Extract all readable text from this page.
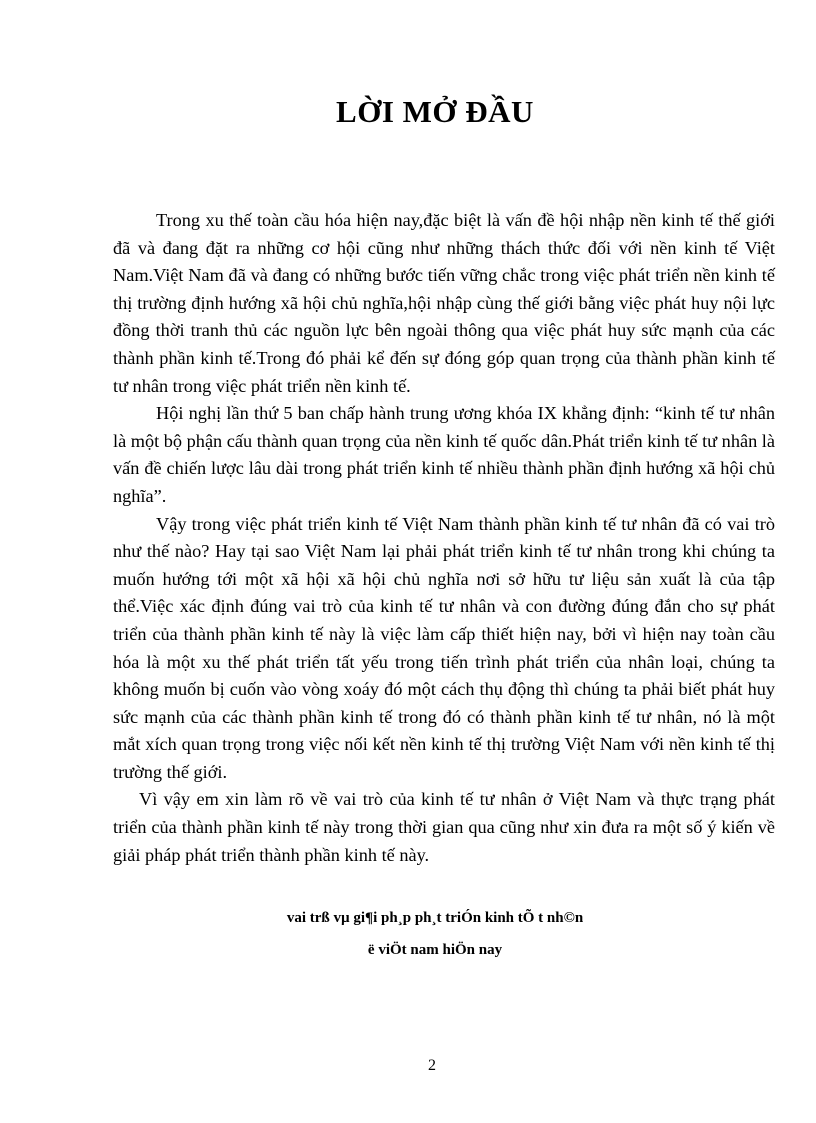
LỜI MỞ ĐẦU

Trong xu thế toàn cầu hóa hiện nay,đặc biệt là vấn đề hội nhập nền kinh tế thế giới đã và đang đặt ra những cơ hội cũng như những thách thức đối với nền kinh tế Việt Nam.Việt Nam đã và đang có những bước tiến vững chắc trong việc phát triển nền kinh tế thị trường định hướng xã hội chủ nghĩa,hội nhập cùng thế giới bằng việc phát huy nội lực đồng thời tranh thủ các nguồn lực bên ngoài thông qua việc phát huy sức mạnh của các thành phần kinh tế.Trong đó phải kể đến sự đóng góp quan trọng của thành phần kinh tế tư nhân trong việc phát triển nền kinh tế.

Hội nghị lần thứ 5 ban chấp hành trung ương khóa IX khẳng định: “kinh tế tư nhân là một bộ phận cấu thành quan trọng của nền kinh tế quốc dân.Phát triển kinh tế tư nhân là vấn đề chiến lược lâu dài trong phát triển kinh tế nhiều thành phần định hướng xã hội chủ nghĩa”.

Vậy trong việc phát triển kinh tế Việt Nam thành phần kinh tế tư nhân đã có vai trò như thế nào? Hay tại sao Việt Nam lại phải phát triển kinh tế tư nhân trong khi chúng ta muốn hướng tới một xã hội xã hội chủ nghĩa nơi sở hữu tư liệu sản xuất là của tập thể.Việc xác định đúng vai trò của kinh tế tư nhân và con đường đúng đắn cho sự phát triển của thành phần kinh tế này là việc làm cấp thiết hiện nay, bởi vì hiện nay toàn cầu hóa là một xu thế phát triển tất yếu trong tiến trình phát triển của nhân loại, chúng ta không muốn bị cuốn vào vòng xoáy đó một cách thụ động thì chúng ta phải biết phát huy sức mạnh của các thành phần kinh tế trong đó có thành phần kinh tế tư nhân, nó là một mắt xích quan trọng trong việc nối kết nền kinh tế thị trường Việt Nam với nền kinh tế thị trường thế giới.

Vì vậy em xin làm rõ về vai trò của kinh tế tư nhân ở Việt Nam và thực trạng phát triển của thành phần kinh tế này trong thời gian qua cũng như xin đưa ra một số ý kiến về giải pháp phát triển thành phần kinh tế này.

vai trß vµ gi¶i ph¸p ph¸t triÓn kinh tÕ t nh©n
ë viÖt nam hiÖn nay
2
